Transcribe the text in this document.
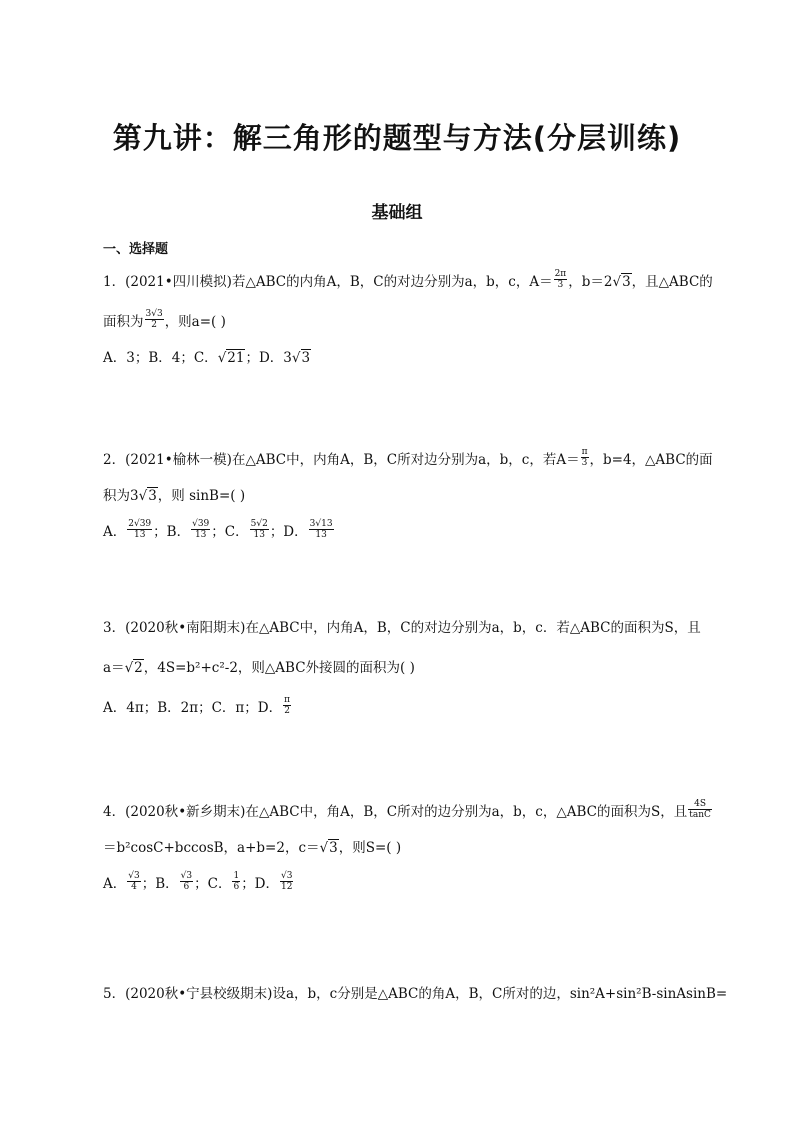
第九讲：解三角形的题型与方法(分层训练)
基础组
一、选择题
1．(2021•四川模拟)若△ABC的内角A，B，C的对边分别为a，b，c，$A= \frac{2\pi}{3}$ ，b＝2√3，且△ABC的
面积为 $\frac{3√3}{2}$ ，则a=( )
A．3；B．4；C．√21；D．3√3
2．(2021•榆林一模)在△ABC中，内角A，B，C所对边分别为a，b，c，若$A= \frac{\pi}{3}$ ，b=4，△ABC的面
积为3√3，则 sinB=( )
A． $\frac{2√39}{13}$ ；B． $\frac{√39}{13}$ ；C． $\frac{5√2}{13}$ ；D． $\frac{3√13}{13}$
3．(2020秋•南阳期末)在△ABC中，内角A，B，C的对边分别为a，b，c．若△ABC的面积为S，且
a＝√2，4S=b²+c²-2，则△ABC外接圆的面积为( )
A．4π；B．2π；C．π；D． $\frac{\pi}{2}$
4．(2020秋•新乡期末)在△ABC中，角A，B，C所对的边分别为a，b，c，△ABC的面积为S，且 $\frac{4S}{\tan C}$
＝b²cosC+bccosB，a+b=2，c＝√3，则S=( )
A． $\frac{√3}{4}$ ；B． $\frac{√3}{6}$ ；C． $\frac{1}{6}$ ；D． $\frac{√3}{12}$
5．(2020秋•宁县校级期末)设a，b，c分别是△ABC的角A，B，C所对的边，sin²A+sin²B-sinAsinB=
